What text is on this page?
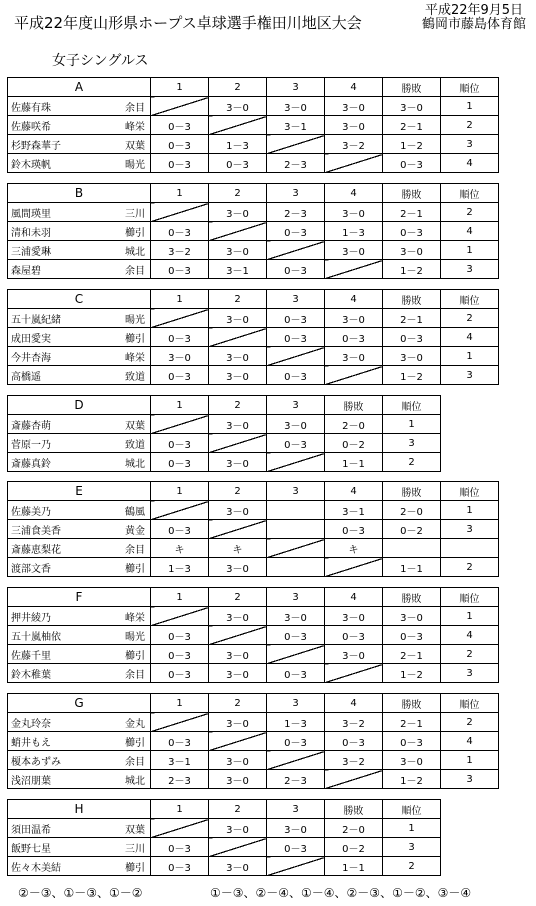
平成22年度山形県ホープス卓球選手権田川地区大会
平成22年9月5日
鶴岡市藤島体育館
女子シングルス
A	1	2	3	4	勝敗	順位

佐藤有珠 余目		3－0	3－0	3－0	3－0	1

佐藤咲希 峰栄	0－3		3－1	3－0	2－1	2

杉野森華子 双葉	0－3	1－3		3－2	1－2	3

鈴木瑛帆 暘光	0－3	0－3	2－3		0－3	4
B	1	2	3	4	勝敗	順位

風間瑛里 三川		3－0	2－3	3－0	2－1	2

清和未羽 櫛引	0－3		0－3	1－3	0－3	4

三浦愛琳 城北	3－2	3－0		3－0	3－0	1

森屋碧 余目	0－3	3－1	0－3		1－2	3
C	1	2	3	4	勝敗	順位

五十嵐紀緒 暘光		3－0	0－3	3－0	2－1	2

成田愛実 櫛引	0－3		0－3	0－3	0－3	4

今井杏海 峰栄	3－0	3－0		3－0	3－0	1

高橋遥 致道	0－3	3－0	0－3		1－2	3
D	1	2	3	勝敗	順位

斎藤杏萌 双葉		3－0	3－0	2－0	1

菅原一乃 致道	0－3		0－3	0－2	3

斎藤真鈴 城北	0－3	3－0		1－1	2
E	1	2	3	4	勝敗	順位

佐藤美乃 鶴風		3－0		3－1	2－0	1

三浦食美香 黄金	0－3			0－3	0－2	3

斎藤恵梨花 余目	キ	キ		キ		

渡部文香 櫛引	1－3	3－0			1－1	2
F	1	2	3	4	勝敗	順位

押井綾乃 峰栄		3－0	3－0	3－0	3－0	1

五十嵐柚依 暘光	0－3		0－3	0－3	0－3	4

佐藤千里 櫛引	0－3	3－0		3－0	2－1	2

鈴木稚葉 余目	0－3	3－0	0－3		1－2	3
G	1	2	3	4	勝敗	順位

金丸玲奈 金丸		3－0	1－3	3－2	2－1	2

蛸井もえ 櫛引	0－3		0－3	0－3	0－3	4

榎本あずみ 余目	3－1	3－0		3－2	3－0	1

浅沼朋葉 城北	2－3	3－0	2－3		1－2	3
H	1	2	3	勝敗	順位

須田温希 双葉		3－0	3－0	2－0	1

飯野七星 三川	0－3		0－3	0－2	3

佐々木美結 櫛引	0－3	3－0		1－1	2
②－③、①－③、①－②	①－③、②－④、①－④、②－③、①－②、③－④
